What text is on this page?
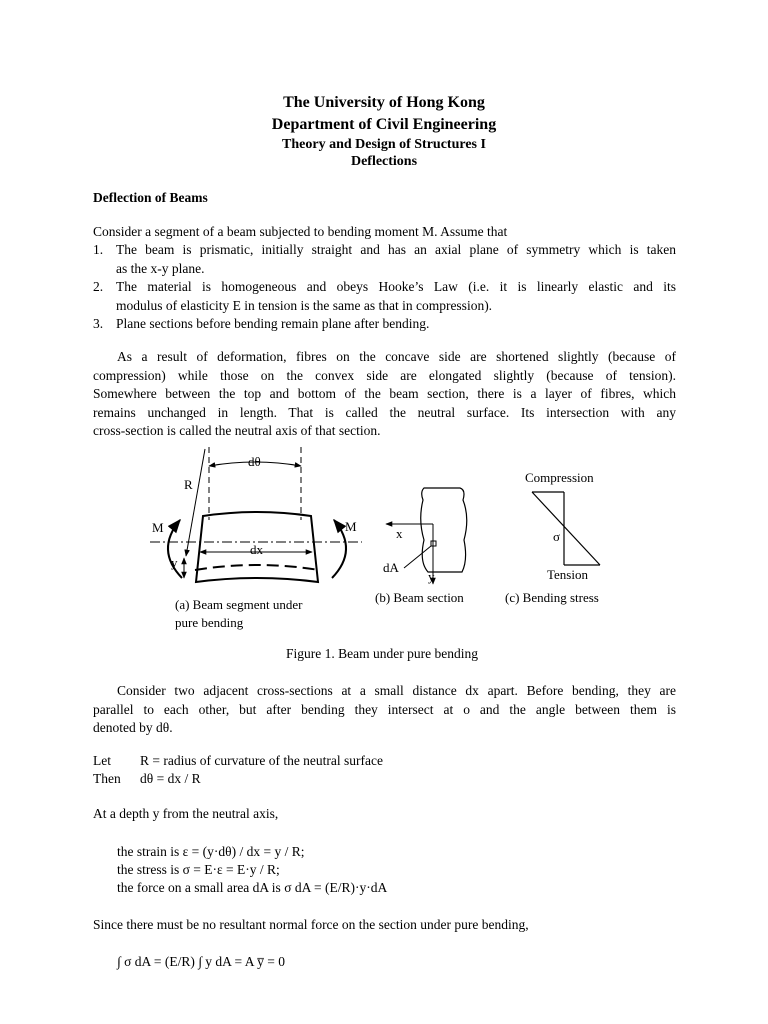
The University of Hong Kong
Department of Civil Engineering
Theory and Design of Structures I
Deflections
Deflection of Beams
Consider a segment of a beam subjected to bending moment M. Assume that
1. The beam is prismatic, initially straight and has an axial plane of symmetry which is taken
as the x-y plane.
2. The material is homogeneous and obeys Hooke’s Law (i.e. it is linearly elastic and its
modulus of elasticity E in tension is the same as that in compression).
3. Plane sections before bending remain plane after bending.
As a result of deformation, fibres on the concave side are shortened slightly (because of
compression) while those on the convex side are elongated slightly (because of tension).
Somewhere between the top and bottom of the beam section, there is a layer of fibres, which
remains unchanged in length. That is called the neutral surface. Its intersection with any
cross-section is called the neutral axis of that section.
dθ
R
dx
M	M
y
(a) Beam segment under
pure bending
x
y
dA
(b) Beam section
Compression
σ
Tension
(c) Bending stress
Figure 1. Beam under pure bending
Consider two adjacent cross-sections at a small distance dx apart. Before bending, they are
parallel to each other, but after bending they intersect at o and the angle between them is
denoted by dθ.
Let R = radius of curvature of the neutral surface
Then dθ = dx / R
At a depth y from the neutral axis,
the strain is ε = (y·dθ) / dx = y / R;
the stress is σ = E·ε = E·y / R;
the force on a small area dA is σ dA = (E/R)·y·dA
Since there must be no resultant normal force on the section under pure bending,
∫ σ dA = (E/R) ∫ y dA = A y̅ = 0
